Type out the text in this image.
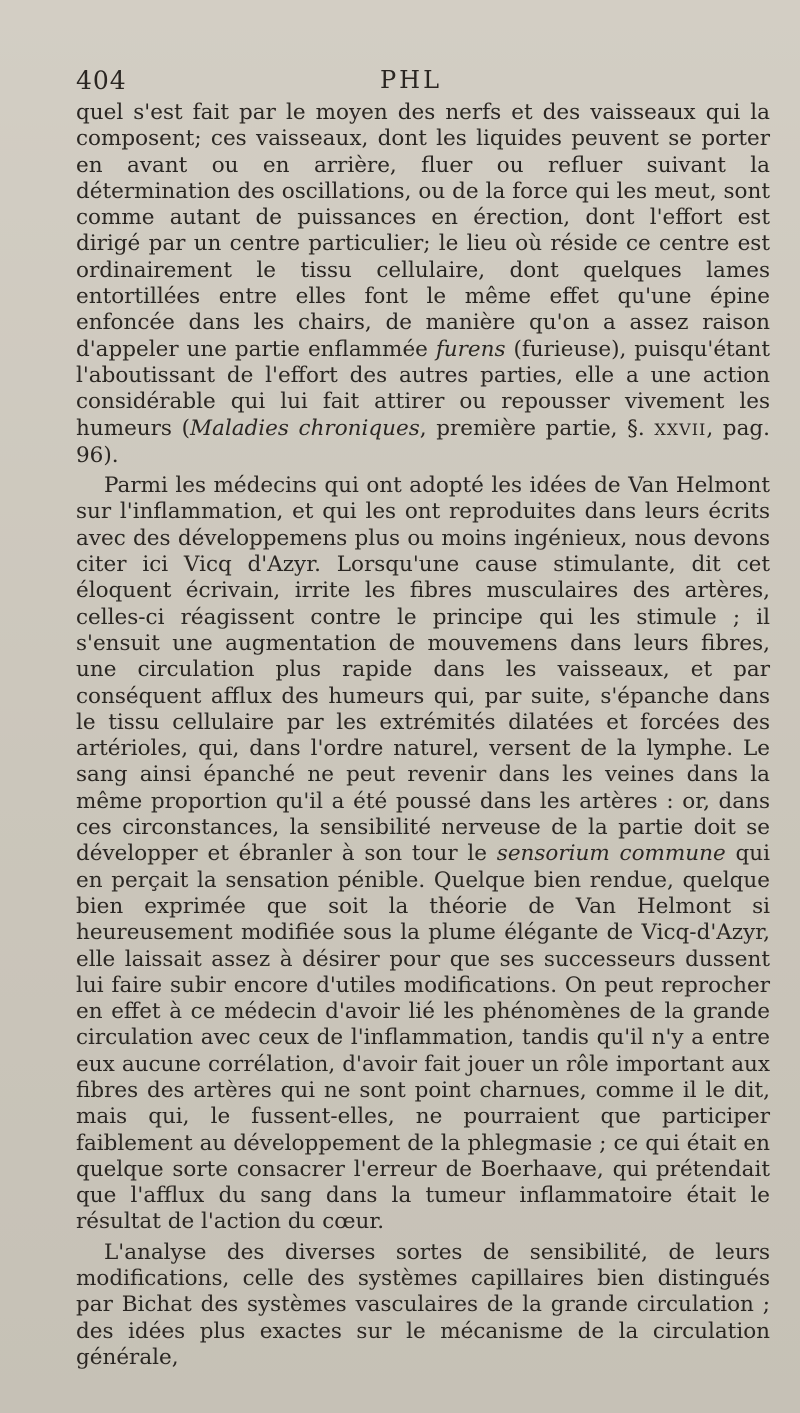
404	PHL

quel s'est fait par le moyen des nerfs et des vaisseaux qui la composent; ces vaisseaux, dont les liquides peuvent se porter en avant ou en arrière, fluer ou refluer suivant la détermination des oscillations, ou de la force qui les meut, sont comme autant de puissances en érection, dont l'effort est dirigé par un centre particulier; le lieu où réside ce centre est ordinairement le tissu cellulaire, dont quelques lames entortillées entre elles font le même effet qu'une épine enfoncée dans les chairs, de manière qu'on a assez raison d'appeler une partie enflammée furens (furieuse), puisqu'étant l'aboutissant de l'effort des autres parties, elle a une action considérable qui lui fait attirer ou repousser vivement les humeurs (Maladies chroniques, première partie, §. XXVII, pag. 96).

Parmi les médecins qui ont adopté les idées de Van Helmont sur l'inflammation, et qui les ont reproduites dans leurs écrits avec des développemens plus ou moins ingénieux, nous devons citer ici Vicq d'Azyr. Lorsqu'une cause stimulante, dit cet éloquent écrivain, irrite les fibres musculaires des artères, celles-ci réagissent contre le principe qui les stimule ; il s'ensuit une augmentation de mouvemens dans leurs fibres, une circulation plus rapide dans les vaisseaux, et par conséquent afflux des humeurs qui, par suite, s'épanche dans le tissu cellulaire par les extrémités dilatées et forcées des artérioles, qui, dans l'ordre naturel, versent de la lymphe. Le sang ainsi épanché ne peut revenir dans les veines dans la même proportion qu'il a été poussé dans les artères : or, dans ces circonstances, la sensibilité nerveuse de la partie doit se développer et ébranler à son tour le sensorium commune qui en perçait la sensation pénible. Quelque bien rendue, quelque bien exprimée que soit la théorie de Van Helmont si heureusement modifiée sous la plume élégante de Vicq-d'Azyr, elle laissait assez à désirer pour que ses successeurs dussent lui faire subir encore d'utiles modifications. On peut reprocher en effet à ce médecin d'avoir lié les phénomènes de la grande circulation avec ceux de l'inflammation, tandis qu'il n'y a entre eux aucune corrélation, d'avoir fait jouer un rôle important aux fibres des artères qui ne sont point charnues, comme il le dit, mais qui, le fussent-elles, ne pourraient que participer faiblement au développement de la phlegmasie ; ce qui était en quelque sorte consacrer l'erreur de Boerhaave, qui prétendait que l'afflux du sang dans la tumeur inflammatoire était le résultat de l'action du cœur.

L'analyse des diverses sortes de sensibilité, de leurs modifications, celle des systèmes capillaires bien distingués par Bichat des systèmes vasculaires de la grande circulation ; des idées plus exactes sur le mécanisme de la circulation générale,
